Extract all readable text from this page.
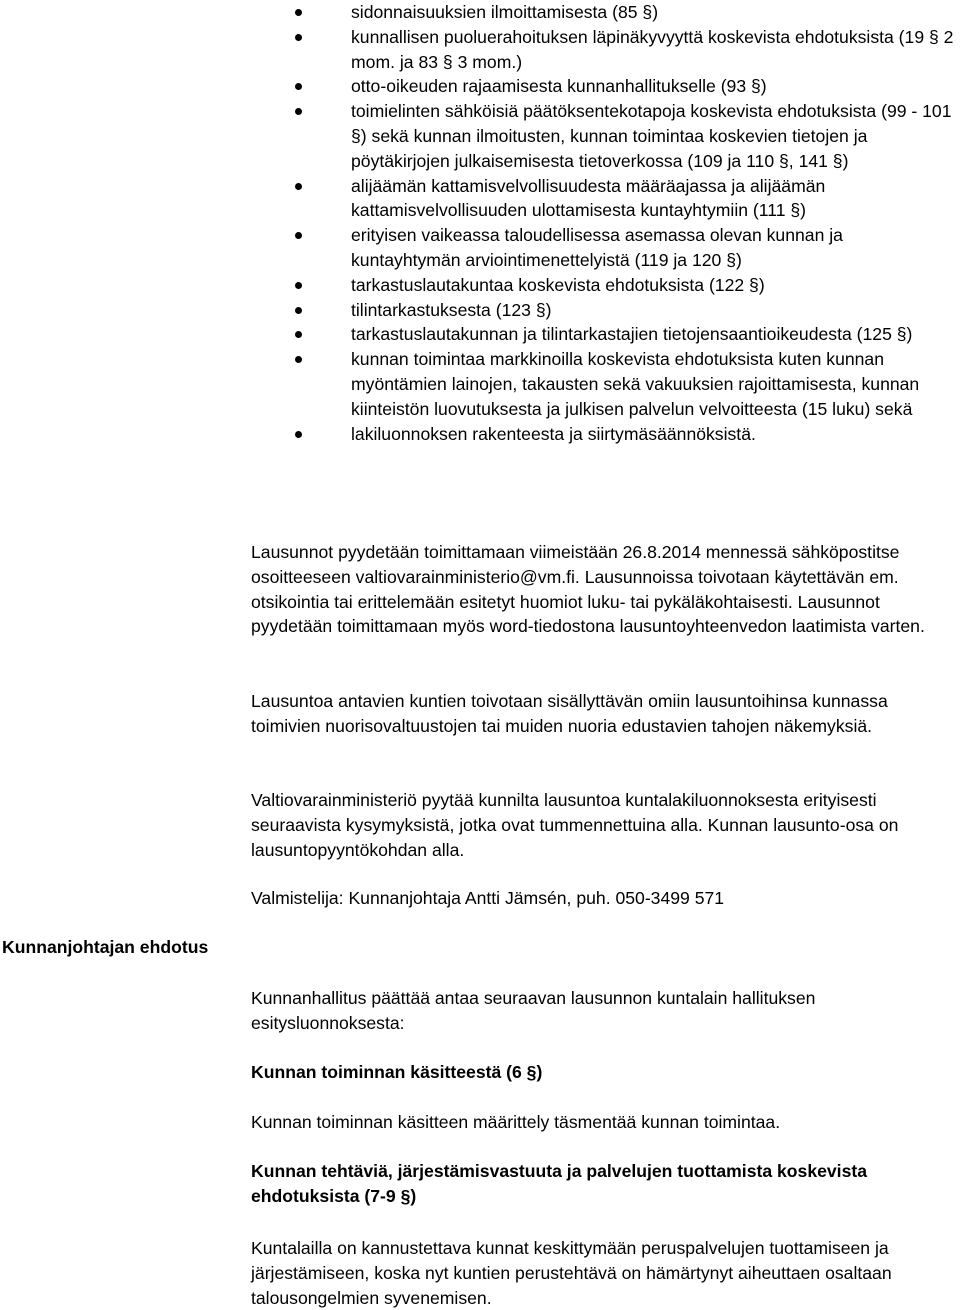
sidonnaisuuksien ilmoittamisesta (85 §)
kunnallisen puoluerahoituksen läpinäkyvyyttä koskevista ehdotuksista (19 § 2 mom. ja 83 § 3 mom.)
otto-oikeuden rajaamisesta kunnanhallitukselle (93 §)
toimielinten sähköisiä päätöksentekotapoja koskevista ehdotuksista (99 - 101 §) sekä kunnan ilmoitusten, kunnan toimintaa koskevien tietojen ja pöytäkirjojen julkaisemisesta tietoverkossa (109 ja 110 §, 141 §)
alijäämän kattamisvelvollisuudesta määräajassa ja alijäämän kattamisvelvollisuuden ulottamisesta kuntayhtymiin (111 §)
erityisen vaikeassa taloudellisessa asemassa olevan kunnan ja kuntayhtymän arviointimenettelyistä (119 ja 120 §)
tarkastuslautakuntaa koskevista ehdotuksista (122 §)
tilintarkastuksesta (123 §)
tarkastuslautakunnan ja tilintarkastajien tietojensaantioikeudesta (125 §)
kunnan toimintaa markkinoilla koskevista ehdotuksista kuten kunnan myöntämien lainojen, takausten sekä vakuuksien rajoittamisesta, kunnan kiinteistön luovutuksesta ja julkisen palvelun velvoitteesta (15 luku) sekä
lakiluonnoksen rakenteesta ja siirtymäsäännöksistä.

Lausunnot pyydetään toimittamaan viimeistään 26.8.2014 mennessä sähköpostitse osoitteeseen valtiovarainministerio@vm.fi. Lausunnoissa toivotaan käytettävän em. otsikointia tai erittelemään esitetyt huomiot luku- tai pykäläkohtaisesti. Lausunnot pyydetään toimittamaan myös word-tiedostona lausuntoyhteenvedon laatimista varten.

Lausuntoa antavien kuntien toivotaan sisällyttävän omiin lausuntoihinsa kunnassa toimivien nuorisovaltuustojen tai muiden nuoria edustavien tahojen näkemyksiä.

Valtiovarainministeriö pyytää kunnilta lausuntoa kuntalakiluonnoksesta erityisesti seuraavista kysymyksistä, jotka ovat tummennettuina alla. Kunnan lausunto-osa on lausuntopyyntökohdan alla.

Valmistelija: Kunnanjohtaja Antti Jämsén, puh. 050-3499 571

Kunnanjohtajan ehdotus

Kunnanhallitus päättää antaa seuraavan lausunnon kuntalain hallituksen esitysluonnoksesta:

Kunnan toiminnan käsitteestä (6 §)

Kunnan toiminnan käsitteen määrittely täsmentää kunnan toimintaa.

Kunnan tehtäviä, järjestämisvastuuta ja palvelujen tuottamista koskevista ehdotuksista (7-9 §)

Kuntalailla on kannustettava kunnat keskittymään peruspalvelujen tuottamiseen ja järjestämiseen, koska nyt kuntien perustehtävä on hämärtynyt aiheuttaen osaltaan talousongelmien syvenemisen.
